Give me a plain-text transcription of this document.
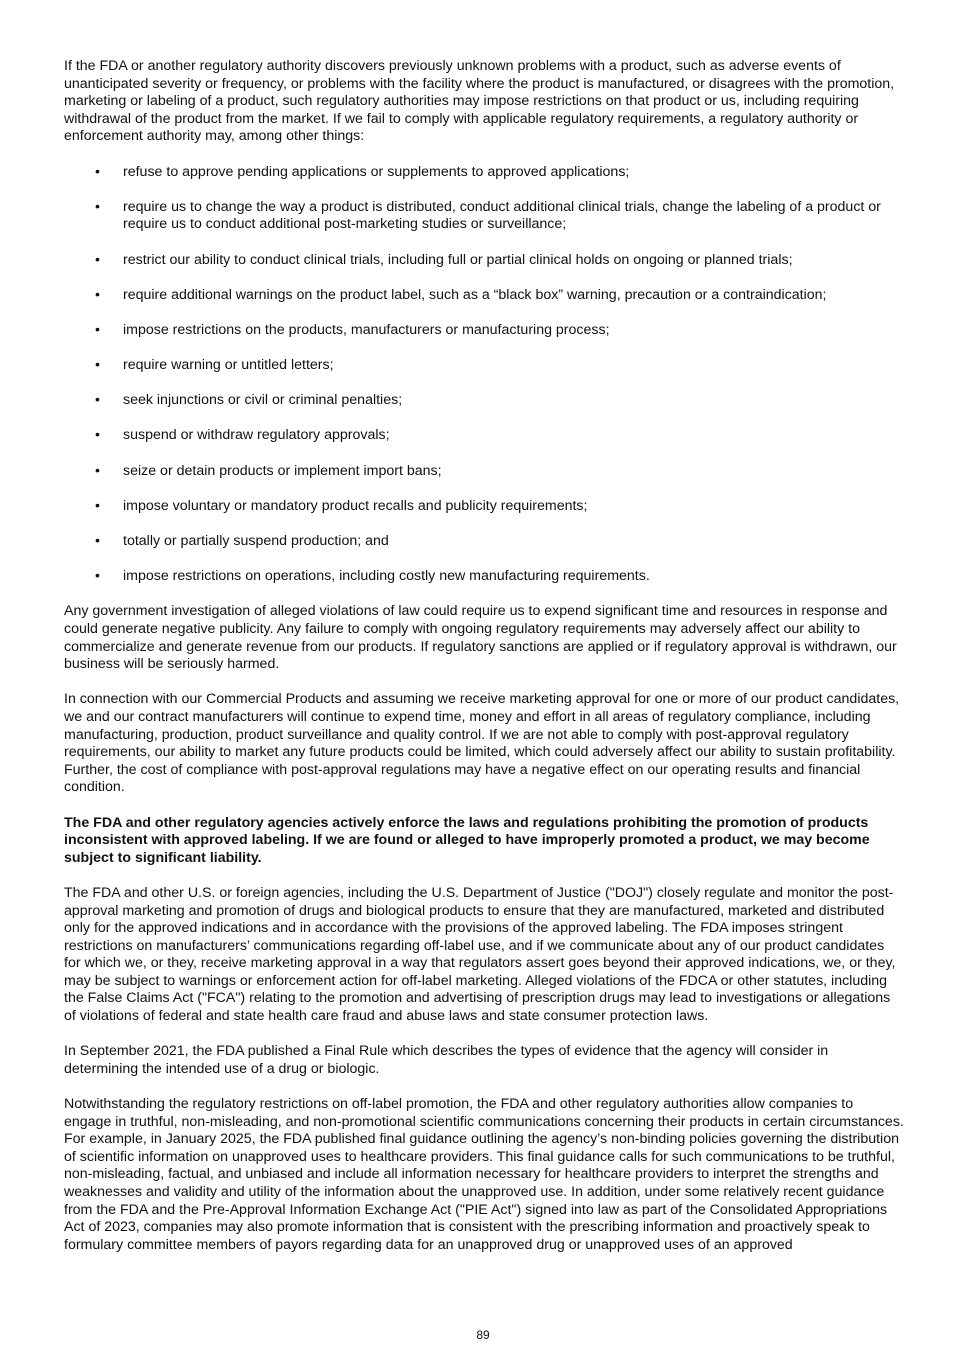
If the FDA or another regulatory authority discovers previously unknown problems with a product, such as adverse events of unanticipated severity or frequency, or problems with the facility where the product is manufactured, or disagrees with the promotion, marketing or labeling of a product, such regulatory authorities may impose restrictions on that product or us, including requiring withdrawal of the product from the market. If we fail to comply with applicable regulatory requirements, a regulatory authority or enforcement authority may, among other things:

• refuse to approve pending applications or supplements to approved applications;
• require us to change the way a product is distributed, conduct additional clinical trials, change the labeling of a product or require us to conduct additional post-marketing studies or surveillance;
• restrict our ability to conduct clinical trials, including full or partial clinical holds on ongoing or planned trials;
• require additional warnings on the product label, such as a “black box” warning, precaution or a contraindication;
• impose restrictions on the products, manufacturers or manufacturing process;
• require warning or untitled letters;
• seek injunctions or civil or criminal penalties;
• suspend or withdraw regulatory approvals;
• seize or detain products or implement import bans;
• impose voluntary or mandatory product recalls and publicity requirements;
• totally or partially suspend production; and
• impose restrictions on operations, including costly new manufacturing requirements.

Any government investigation of alleged violations of law could require us to expend significant time and resources in response and could generate negative publicity. Any failure to comply with ongoing regulatory requirements may adversely affect our ability to commercialize and generate revenue from our products. If regulatory sanctions are applied or if regulatory approval is withdrawn, our business will be seriously harmed.

In connection with our Commercial Products and assuming we receive marketing approval for one or more of our product candidates, we and our contract manufacturers will continue to expend time, money and effort in all areas of regulatory compliance, including manufacturing, production, product surveillance and quality control. If we are not able to comply with post-approval regulatory requirements, our ability to market any future products could be limited, which could adversely affect our ability to sustain profitability. Further, the cost of compliance with post-approval regulations may have a negative effect on our operating results and financial condition.

The FDA and other regulatory agencies actively enforce the laws and regulations prohibiting the promotion of products inconsistent with approved labeling. If we are found or alleged to have improperly promoted a product, we may become subject to significant liability.

The FDA and other U.S. or foreign agencies, including the U.S. Department of Justice ("DOJ") closely regulate and monitor the post-approval marketing and promotion of drugs and biological products to ensure that they are manufactured, marketed and distributed only for the approved indications and in accordance with the provisions of the approved labeling. The FDA imposes stringent restrictions on manufacturers’ communications regarding off-label use, and if we communicate about any of our product candidates for which we, or they, receive marketing approval in a way that regulators assert goes beyond their approved indications, we, or they, may be subject to warnings or enforcement action for off-label marketing. Alleged violations of the FDCA or other statutes, including the False Claims Act ("FCA") relating to the promotion and advertising of prescription drugs may lead to investigations or allegations of violations of federal and state health care fraud and abuse laws and state consumer protection laws.

In September 2021, the FDA published a Final Rule which describes the types of evidence that the agency will consider in determining the intended use of a drug or biologic.

Notwithstanding the regulatory restrictions on off-label promotion, the FDA and other regulatory authorities allow companies to engage in truthful, non-misleading, and non-promotional scientific communications concerning their products in certain circumstances. For example, in January 2025, the FDA published final guidance outlining the agency’s non-binding policies governing the distribution of scientific information on unapproved uses to healthcare providers. This final guidance calls for such communications to be truthful, non-misleading, factual, and unbiased and include all information necessary for healthcare providers to interpret the strengths and weaknesses and validity and utility of the information about the unapproved use. In addition, under some relatively recent guidance from the FDA and the Pre-Approval Information Exchange Act ("PIE Act") signed into law as part of the Consolidated Appropriations Act of 2023, companies may also promote information that is consistent with the prescribing information and proactively speak to formulary committee members of payors regarding data for an unapproved drug or unapproved uses of an approved

89
